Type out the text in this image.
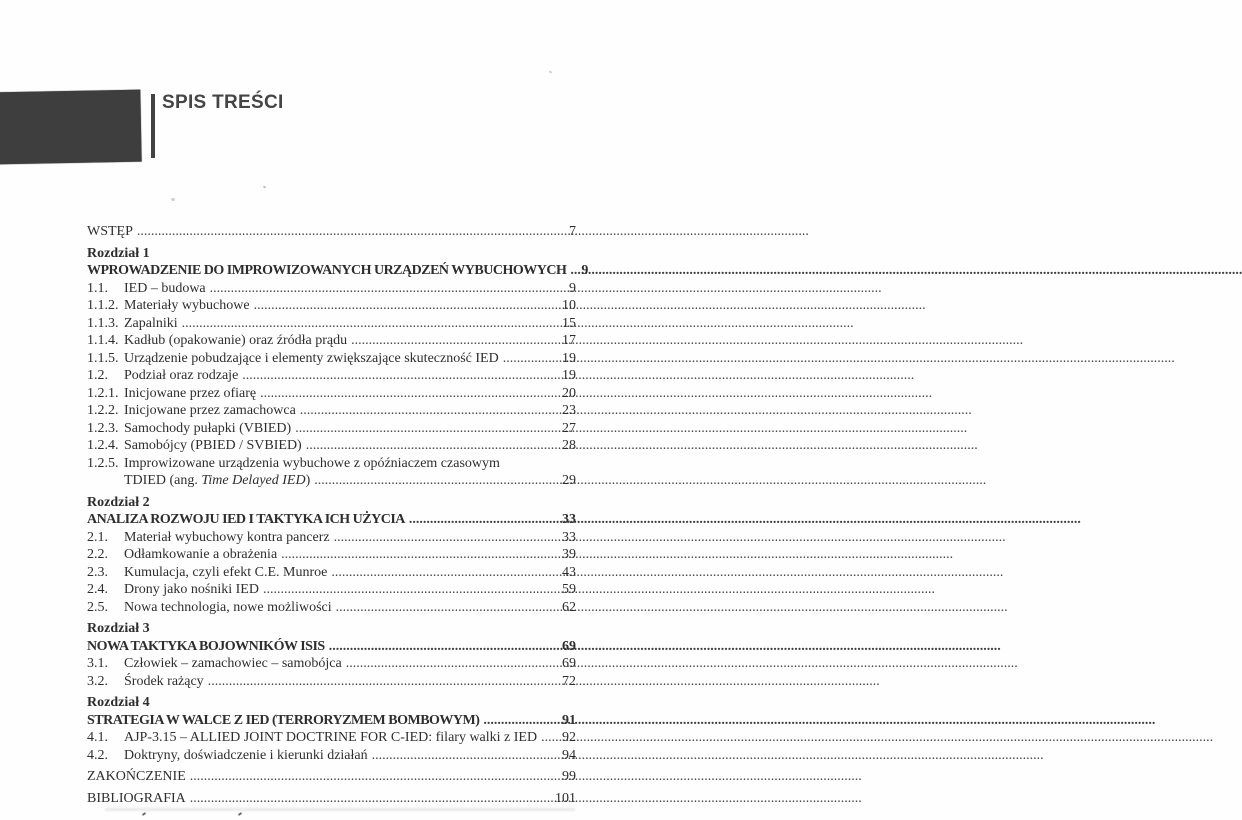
SPIS TREŚCI
WSTĘP .....	7
Rozdział 1
WPROWADZENIE DO IMPROWIZOWANYCH URZĄDZEŃ WYBUCHOWYCH ..... 9
1.1.	IED – budowa .....	9
1.1.2. Materiały wybuchowe .....	10
1.1.3. Zapalniki .....	15
1.1.4. Kadłub (opakowanie) oraz źródła prądu .....	17
1.1.5. Urządzenie pobudzające i elementy zwiększające skuteczność IED .....	19
1.2.	Podział oraz rodzaje .....	19
1.2.1. Inicjowane przez ofiarę .....	20
1.2.2. Inicjowane przez zamachowca .....	23
1.2.3. Samochody pułapki (VBIED) .....	27
1.2.4. Samobójcy (PBIED / SVBIED) .....	28
1.2.5. Improwizowane urządzenia wybuchowe z opóźniaczem czasowym
TDIED (ang. Time Delayed IED) .....	29
Rozdział 2
ANALIZA ROZWOJU IED I TAKTYKA ICH UŻYCIA .....	33
2.1.	Materiał wybuchowy kontra pancerz .....	33
2.2.	Odłamkowanie a obrażenia .....	39
2.3.	Kumulacja, czyli efekt C.E. Munroe .....	43
2.4.	Drony jako nośniki IED .....	59
2.5.	Nowa technologia, nowe możliwości .....	62
Rozdział 3
NOWA TAKTYKA BOJOWNIKÓW ISIS .....	69
3.1.	Człowiek – zamachowiec – samobójca .....	69
3.2.	Środek rażący .....	72
Rozdział 4
STRATEGIA W WALCE Z IED (TERRORYZMEM BOMBOWYM) .....	91
4.1.	AJP-3.15 – ALLIED JOINT DOCTRINE FOR C-IED: filary walki z IED ..... 92
4.2.	Doktryny, doświadczenie i kierunki działań .....	94
ZAKOŃCZENIE .....	99
BIBLIOGRAFIA .....	101
